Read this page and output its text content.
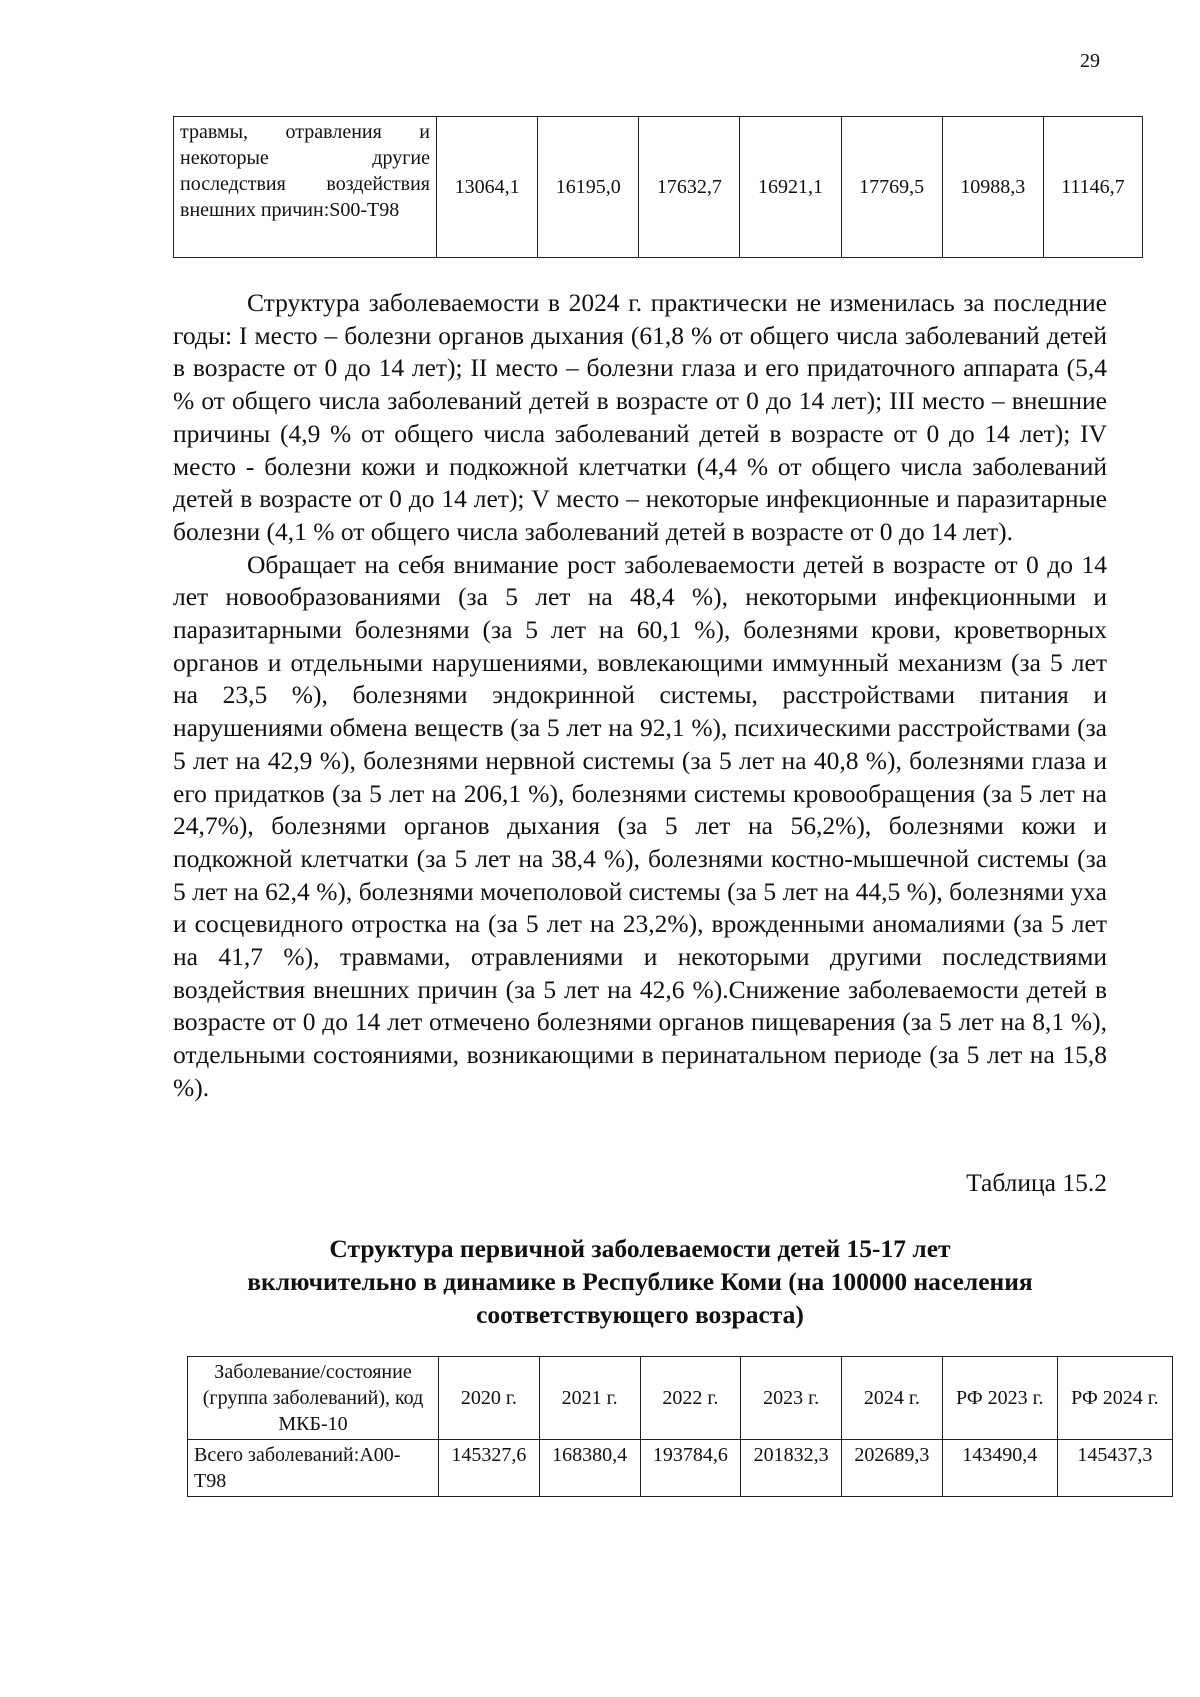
29
травмы, отравления и некоторые другие последствия воздействия внешних причин:S00-T98	13064,1	16195,0	17632,7	16921,1	17769,5	10988,3	11146,7

Структура заболеваемости в 2024 г. практически не изменилась за последние годы: I место – болезни органов дыхания (61,8 % от общего числа заболеваний детей в возрасте от 0 до 14 лет); II место – болезни глаза и его придаточного аппарата (5,4 % от общего числа заболеваний детей в возрасте от 0 до 14 лет); III место – внешние причины (4,9 % от общего числа заболеваний детей в возрасте от 0 до 14 лет); IV место - болезни кожи и подкожной клетчатки (4,4 % от общего числа заболеваний детей в возрасте от 0 до 14 лет); V место – некоторые инфекционные и паразитарные болезни (4,1 % от общего числа заболеваний детей в возрасте от 0 до 14 лет).

Обращает на себя внимание рост заболеваемости детей в возрасте от 0 до 14 лет новообразованиями (за 5 лет на 48,4 %), некоторыми инфекционными и паразитарными болезнями (за 5 лет на 60,1 %), болезнями крови, кроветворных органов и отдельными нарушениями, вовлекающими иммунный механизм (за 5 лет на 23,5 %), болезнями эндокринной системы, расстройствами питания и нарушениями обмена веществ (за 5 лет на 92,1 %), психическими расстройствами (за 5 лет на 42,9 %), болезнями нервной системы (за 5 лет на 40,8 %), болезнями глаза и его придатков (за 5 лет на 206,1 %), болезнями системы кровообращения (за 5 лет на 24,7%), болезнями органов дыхания (за 5 лет на 56,2%), болезнями кожи и подкожной клетчатки (за 5 лет на 38,4 %), болезнями костно-мышечной системы (за 5 лет на 62,4 %), болезнями мочеполовой системы (за 5 лет на 44,5 %), болезнями уха и сосцевидного отростка на (за 5 лет на 23,2%), врожденными аномалиями (за 5 лет на 41,7 %), травмами, отравлениями и некоторыми другими последствиями воздействия внешних причин (за 5 лет на 42,6 %).Снижение заболеваемости детей в возрасте от 0 до 14 лет отмечено болезнями органов пищеварения (за 5 лет на 8,1 %), отдельными состояниями, возникающими в перинатальном периоде (за 5 лет на 15,8 %).

Таблица 15.2
Структура первичной заболеваемости детей 15-17 лет
включительно в динамике в Республике Коми (на 100000 населения
соответствующего возраста)
Заболевание/состояние (группа заболеваний), код МКБ-10	2020 г.	2021 г.	2022 г.	2023 г.	2024 г.	РФ 2023 г.	РФ 2024 г.
Всего заболеваний:А00- Т98	145327,6	168380,4	193784,6	201832,3	202689,3	143490,4	145437,3
